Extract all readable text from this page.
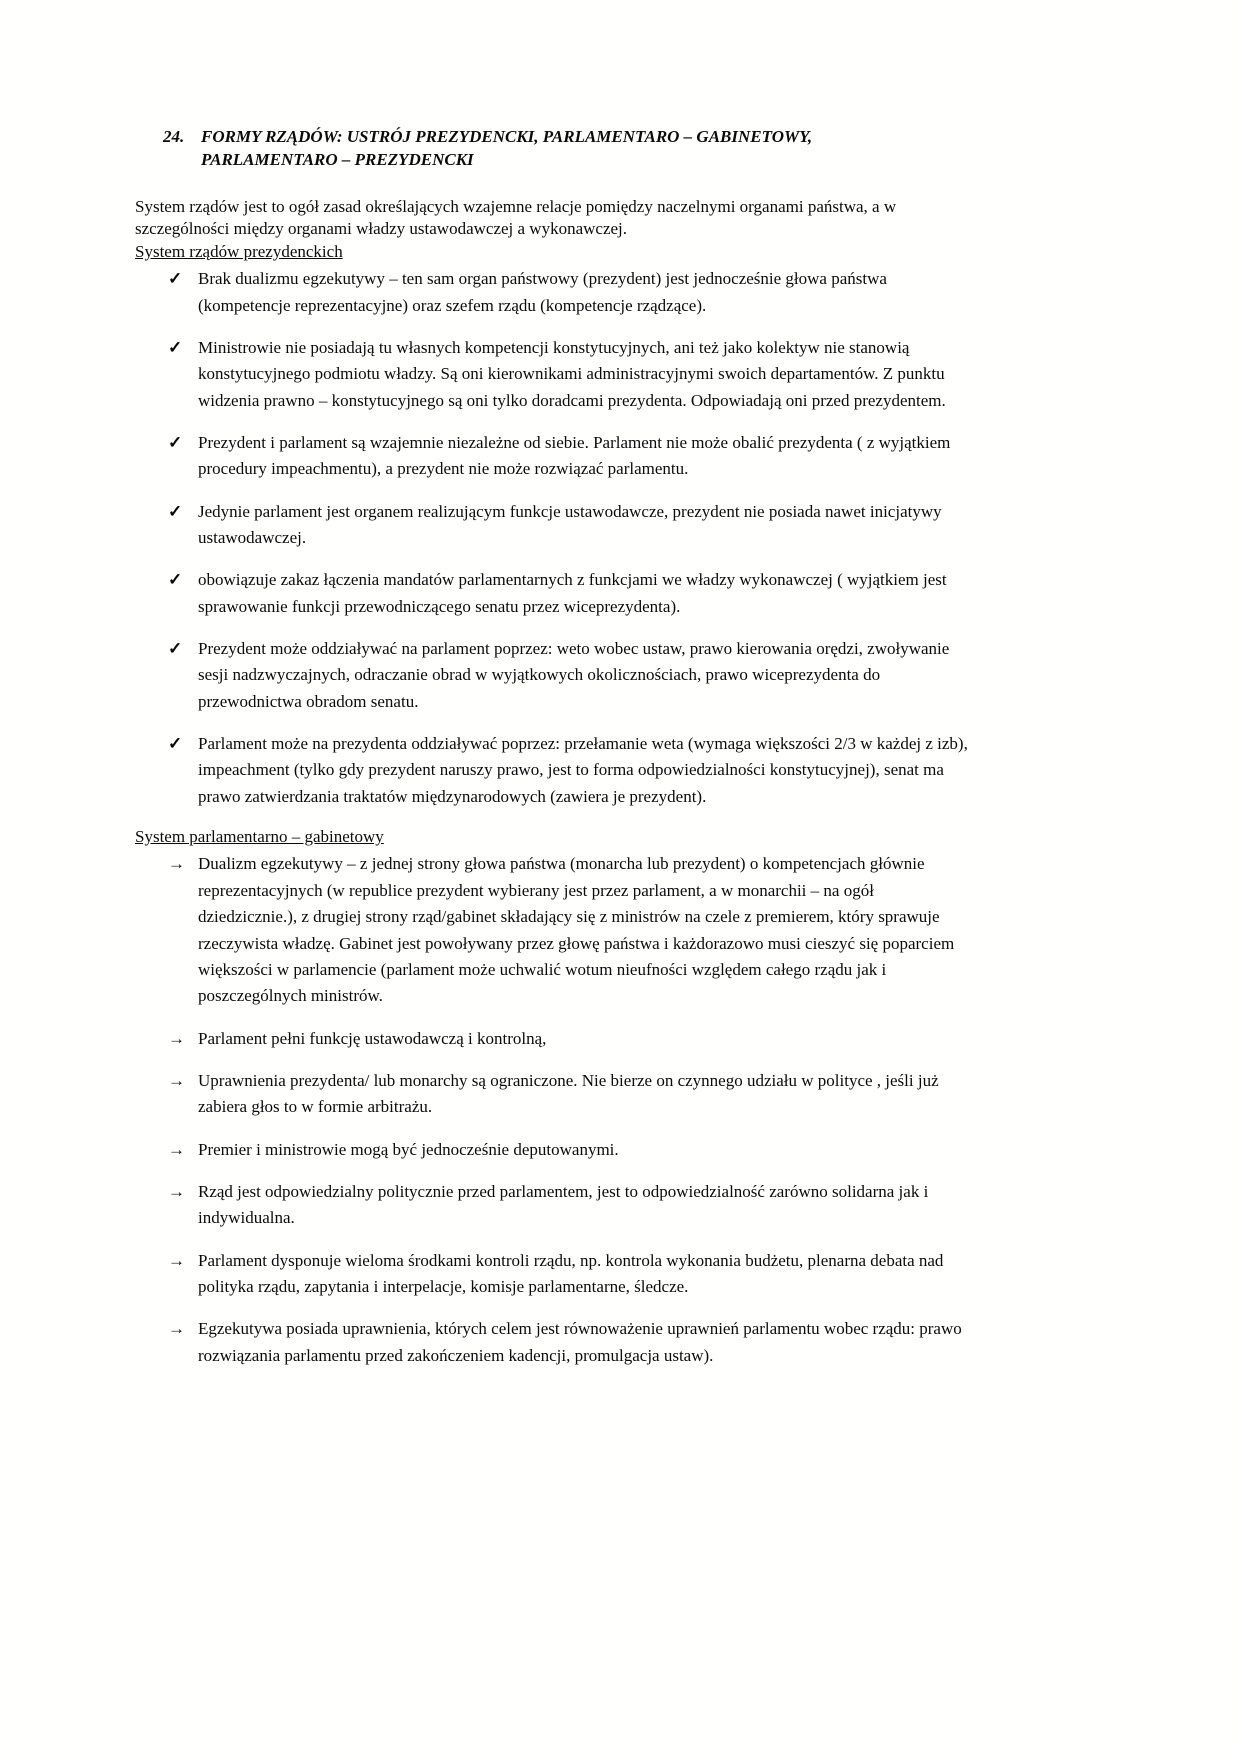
24. FORMY RZĄDÓW: USTRÓJ PREZYDENCKI, PARLAMENTARO – GABINETOWY, PARLAMENTARO – PREZYDENCKI

System rządów jest to ogół zasad określających wzajemne relacje pomiędzy naczelnymi organami państwa, a w szczególności między organami władzy ustawodawczej a wykonawczej.

System rządów prezydenckich
✓ Brak dualizmu egzekutywy – ten sam organ państwowy (prezydent) jest jednocześnie głowa państwa (kompetencje reprezentacyjne) oraz szefem rządu (kompetencje rządzące).
✓ Ministrowie nie posiadają tu własnych kompetencji konstytucyjnych, ani też jako kolektyw nie stanowią konstytucyjnego podmiotu władzy. Są oni kierownikami administracyjnymi swoich departamentów. Z punktu widzenia prawno – konstytucyjnego są oni tylko doradcami prezydenta. Odpowiadają oni przed prezydentem.
✓ Prezydent i parlament są wzajemnie niezależne od siebie. Parlament nie może obalić prezydenta ( z wyjątkiem procedury impeachmentu), a prezydent nie może rozwiązać parlamentu.
✓ Jedynie parlament jest organem realizującym funkcje ustawodawcze, prezydent nie posiada nawet inicjatywy ustawodawczej.
✓ obowiązuje zakaz łączenia mandatów parlamentarnych z funkcjami we władzy wykonawczej ( wyjątkiem jest sprawowanie funkcji przewodniczącego senatu przez wiceprezydenta).
✓ Prezydent może oddziaływać na parlament poprzez: weto wobec ustaw, prawo kierowania orędzi, zwoływanie sesji nadzwyczajnych, odraczanie obrad w wyjątkowych okolicznościach, prawo wiceprezydenta do przewodnictwa obradom senatu.
✓ Parlament może na prezydenta oddziaływać poprzez: przełamanie weta (wymaga większości 2/3 w każdej z izb), impeachment (tylko gdy prezydent naruszy prawo, jest to forma odpowiedzialności konstytucyjnej), senat ma prawo zatwierdzania traktatów międzynarodowych (zawiera je prezydent).
System parlamentarno – gabinetowy
→ Dualizm egzekutywy – z jednej strony głowa państwa (monarcha lub prezydent) o kompetencjach głównie reprezentacyjnych (w republice prezydent wybierany jest przez parlament, a w monarchii – na ogół dziedzicznie.), z drugiej strony rząd/gabinet składający się z ministrów na czele z premierem, który sprawuje rzeczywista władzę. Gabinet jest powoływany przez głowę państwa i każdorazowo musi cieszyć się poparciem większości w parlamencie (parlament może uchwalić wotum nieufności względem całego rządu jak i poszczególnych ministrów.
→ Parlament pełni funkcję ustawodawczą i kontrolną,
→ Uprawnienia prezydenta/ lub monarchy są ograniczone. Nie bierze on czynnego udziału w polityce , jeśli już zabiera głos to w formie arbitrażu.
→ Premier i ministrowie mogą być jednocześnie deputowanymi.
→ Rząd jest odpowiedzialny politycznie przed parlamentem, jest to odpowiedzialność zarówno solidarna jak i indywidualna.
→ Parlament dysponuje wieloma środkami kontroli rządu, np. kontrola wykonania budżetu, plenarna debata nad polityka rządu, zapytania i interpelacje, komisje parlamentarne, śledcze.
→ Egzekutywa posiada uprawnienia, których celem jest równoważenie uprawnień parlamentu wobec rządu: prawo rozwiązania parlamentu przed zakończeniem kadencji, promulgacja ustaw).
